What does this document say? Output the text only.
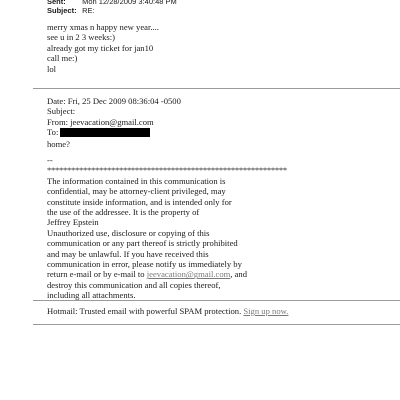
Sent: Mon 12/28/2009 3:40:48 PM
Subject: RE:
merry xmas n happy new year....
see u in 2 3 weeks:)
already got my ticket for jan10
call me:)
lol
Date: Fri, 25 Dec 2009 08:36:04 -0500
Subject:
From: jeevacation@gmail.com
To:
home?
--
************************************************************
The information contained in this communication is
confidential, may be attorney-client privileged, may
constitute inside information, and is intended only for
the use of the addressee. It is the property of
Jeffrey Epstein
Unauthorized use, disclosure or copying of this
communication or any part thereof is strictly prohibited
and may be unlawful. If you have received this
communication in error, please notify us immediately by
return e-mail or by e-mail to jeevacation@gmail.com, and
destroy this communication and all copies thereof,
including all attachments.
Hotmail: Trusted email with powerful SPAM protection. Sign up now.
